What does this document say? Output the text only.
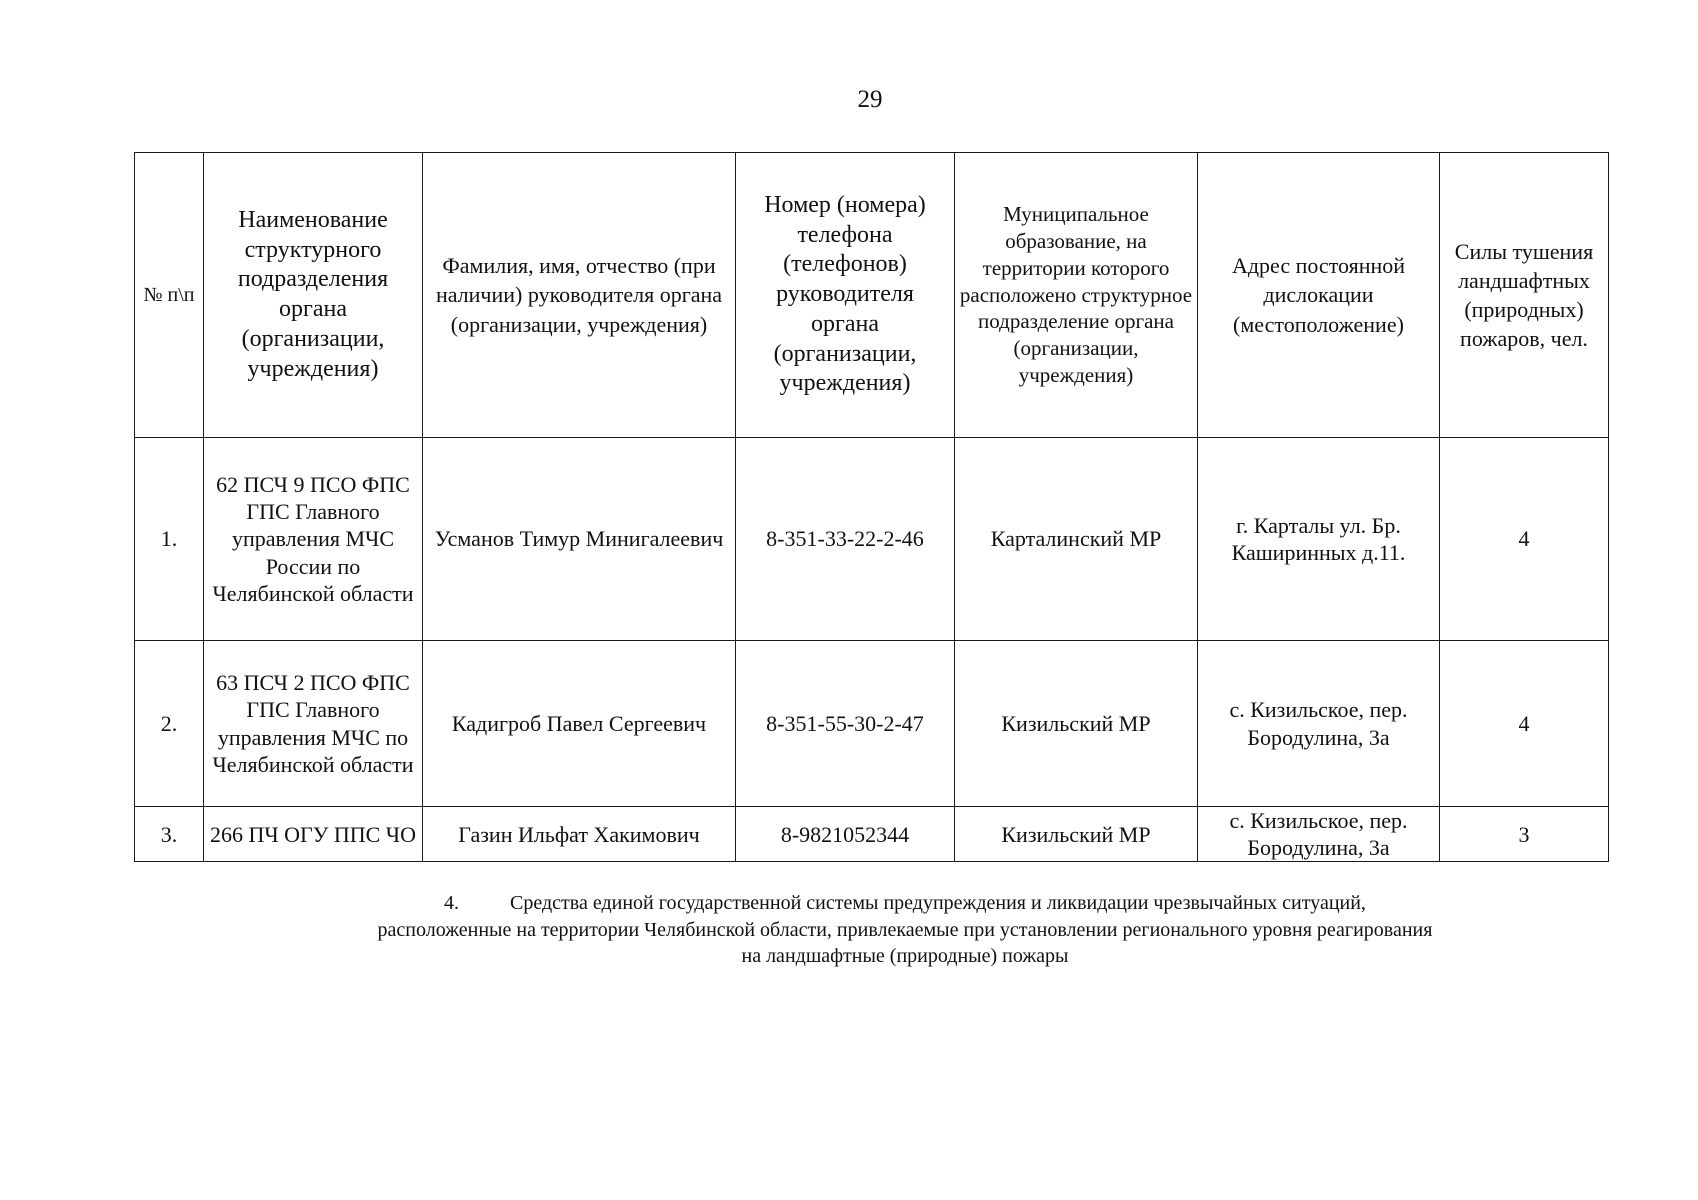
29
№ п\п	Наименование структурного подразделения органа (организации, учреждения)	Фамилия, имя, отчество (при наличии) руководителя органа (организации, учреждения)	Номер (номера) телефона (телефонов) руководителя органа (организации, учреждения)	Муниципальное образование, на территории которого расположено структурное подразделение органа (организации, учреждения)	Адрес постоянной дислокации (местоположение)	Силы тушения ландшафтных (природных) пожаров, чел.
1.	62 ПСЧ 9 ПСО ФПС ГПС Главного управления МЧС России по Челябинской области	Усманов Тимур Минигалеевич	8-351-33-22-2-46	Карталинский МР	г. Карталы ул. Бр. Каширинных д.11.	4
2.	63 ПСЧ 2 ПСО ФПС ГПС Главного управления МЧС по Челябинской области	Кадигроб Павел Сергеевич	8-351-55-30-2-47	Кизильский МР	с. Кизильское, пер. Бородулина, 3а	4
3.	266 ПЧ ОГУ ППС ЧО	Газин Ильфат Хакимович	8-9821052344	Кизильский МР	с. Кизильское, пер. Бородулина, 3а	3
4.	Средства единой государственной системы предупреждения и ликвидации чрезвычайных ситуаций,
расположенные на территории Челябинской области, привлекаемые при установлении регионального уровня реагирования
на ландшафтные (природные) пожары
